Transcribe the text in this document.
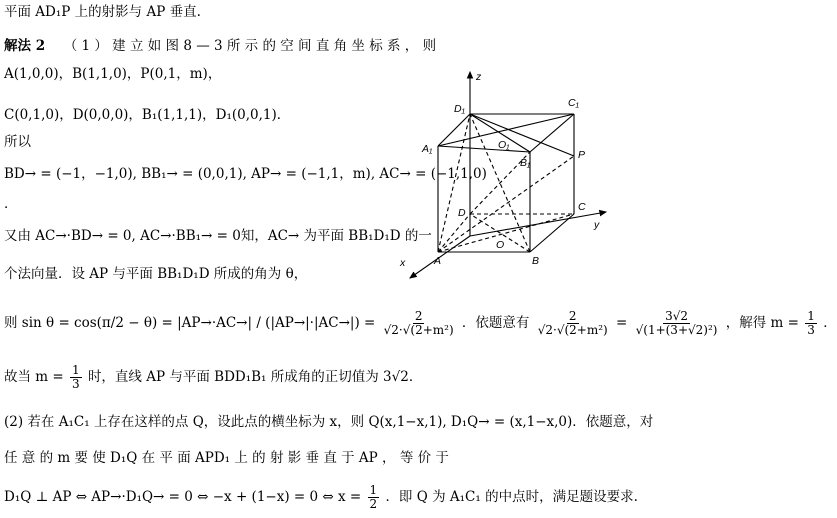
平面 AD₁P 上的射影与 AP 垂直.
解法 2 （ 1 ） 建 立 如 图 8 — 3 所 示 的 空 间 直 角 坐 标 系 ， 则
A(1,0,0)，B(1,1,0)，P(0,1，m)，
C(0,1,0)，D(0,0,0)，B₁(1,1,1)，D₁(0,0,1)．
所以
BD→ = (−1，−1,0), BB₁→ = (0,0,1), AP→ = (−1,1，m), AC→ = (−1,1,0)
．
又由 AC→·BD→ = 0, AC→·BB₁→ = 0知，AC→ 为平面 BB₁D₁D 的一
个法向量．设 AP 与平面 BB₁D₁D 所成的角为 θ，
则 $\sin \theta = \cos(\pi/2 - \theta) = |AP\to\cdot AC\to| / (|AP\to|\cdot|AC\to|) = \frac{2}{\text{√2·√(2+m²)}}$ ．依题意有 $\frac{2}{\text{√2·√(2+m²)}} = \frac{3√2}{\text{√(1+(3+√2)²)}}$ ，解得 $m = \frac{1}{3}$ ．
故当 $m = \frac{1}{3}$ 时，直线 AP 与平面 BDD₁B₁ 所成角的正切值为 3√2．
(2) 若在 A₁C₁ 上存在这样的点 Q，设此点的横坐标为 x，则 Q(x,1−x,1), D₁Q→ = (x,1−x,0)．依题意，对
任 意 的 m 要 使 D₁Q 在 平 面 APD₁ 上 的 射 影 垂 直 于 AP ， 等 价 于
D₁Q ⊥ AP ⇔ AP→·D₁Q→ = 0 ⇔ −x + (1−x) = 0 ⇔ $x = \frac{1}{2}$ ．即 Q 为 A₁C₁ 的中点时，满足题设要求.
z
y
x
D₁	C₁
A₁
B₁
O₁
P
D	C
A	B
O
